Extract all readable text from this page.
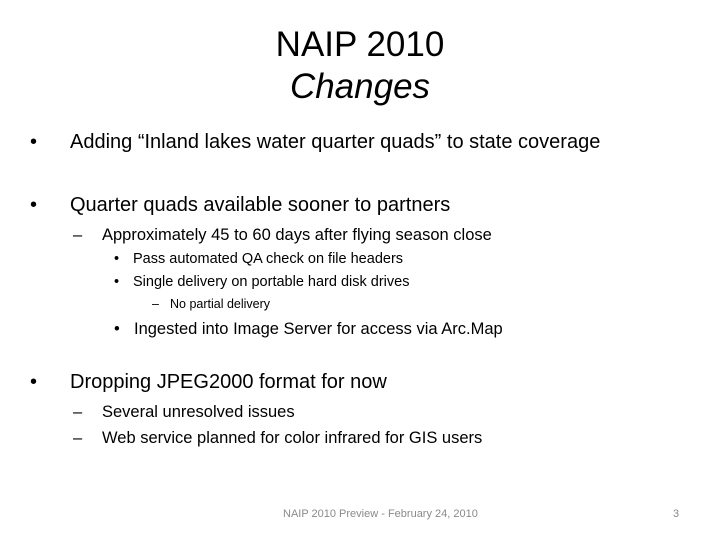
NAIP 2010
Changes
• Adding “Inland lakes water quarter quads” to state coverage
• Quarter quads available sooner to partners
– Approximately 45 to 60 days after flying season close
• Pass automated QA check on file headers
• Single delivery on portable hard disk drives
– No partial delivery
• Ingested into Image Server for access via Arc.Map
• Dropping JPEG2000 format for now
– Several unresolved issues
– Web service planned for color infrared for GIS users
NAIP 2010 Preview - February 24, 2010	3
